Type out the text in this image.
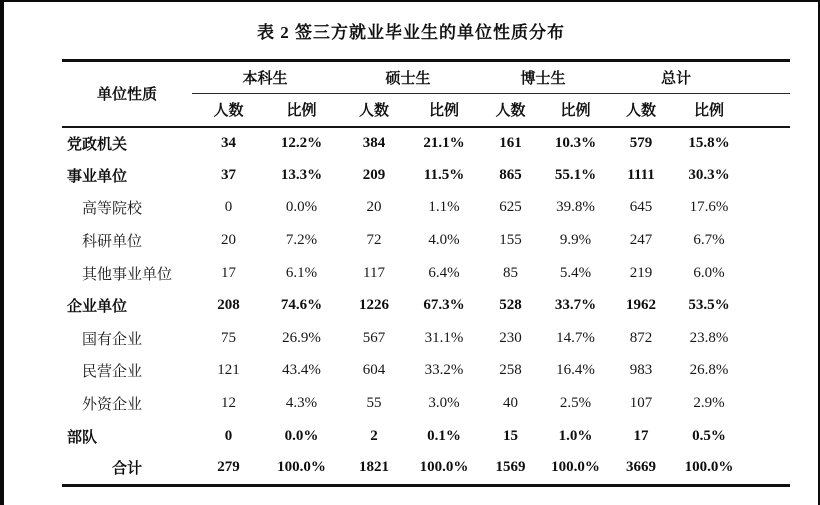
表 2 签三方就业毕业生的单位性质分布
单位性质	本科生		硕士生		博士生		总计	
	人数	比例	人数	比例	人数	比例	人数	比例
党政机关	34	12.2%	384	21.1%	161	10.3%	579	15.8%
事业单位	37	13.3%	209	11.5%	865	55.1%	1111	30.3%
高等院校	0	0.0%	20	1.1%	625	39.8%	645	17.6%
科研单位	20	7.2%	72	4.0%	155	9.9%	247	6.7%
其他事业单位	17	6.1%	117	6.4%	85	5.4%	219	6.0%
企业单位	208	74.6%	1226	67.3%	528	33.7%	1962	53.5%
国有企业	75	26.9%	567	31.1%	230	14.7%	872	23.8%
民营企业	121	43.4%	604	33.2%	258	16.4%	983	26.8%
外资企业	12	4.3%	55	3.0%	40	2.5%	107	2.9%
部队	0	0.0%	2	0.1%	15	1.0%	17	0.5%
合计	279	100.0%	1821	100.0%	1569	100.0%	3669	100.0%
